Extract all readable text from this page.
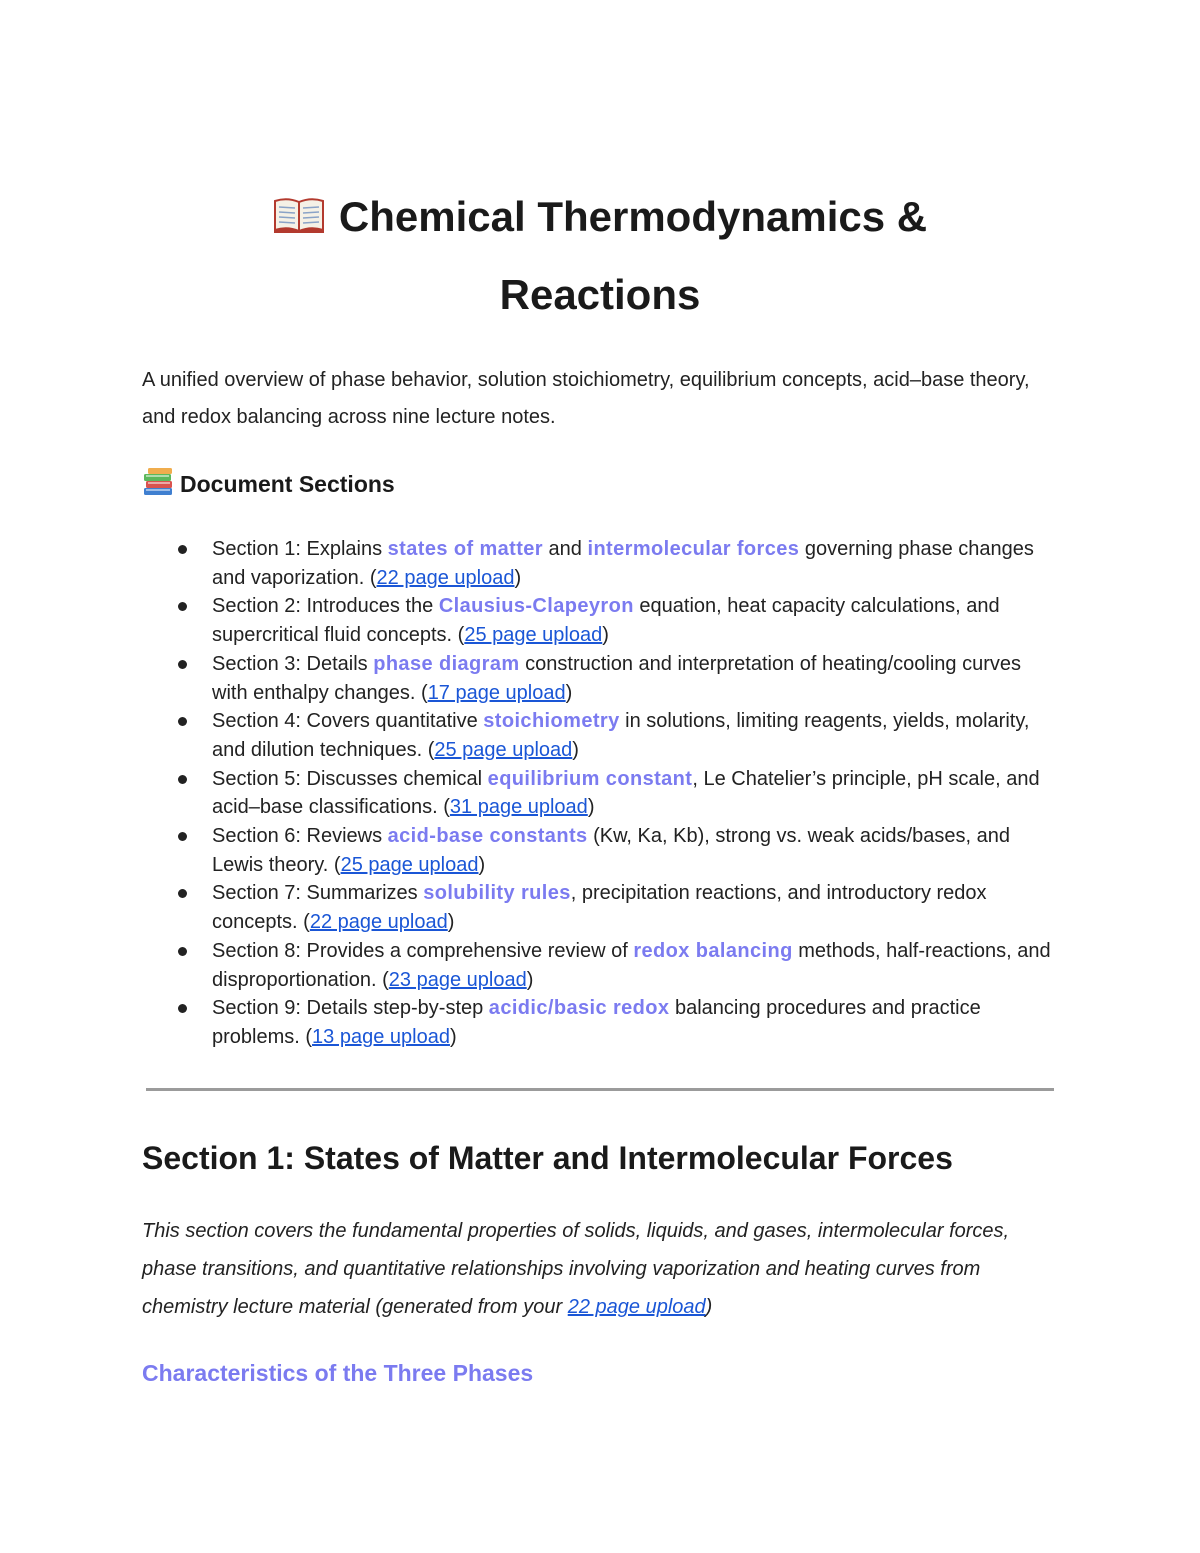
Chemical Thermodynamics &
Reactions

A unified overview of phase behavior, solution stoichiometry, equilibrium concepts, acid–base theory, and redox balancing across nine lecture notes.

Document Sections
Section 1: Explains states of matter and intermolecular forces governing phase changes and vaporization. (22 page upload)
Section 2: Introduces the Clausius-Clapeyron equation, heat capacity calculations, and supercritical fluid concepts. (25 page upload)
Section 3: Details phase diagram construction and interpretation of heating/cooling curves with enthalpy changes. (17 page upload)
Section 4: Covers quantitative stoichiometry in solutions, limiting reagents, yields, molarity, and dilution techniques. (25 page upload)
Section 5: Discusses chemical equilibrium constant, Le Chatelier’s principle, pH scale, and acid–base classifications. (31 page upload)
Section 6: Reviews acid-base constants (Kw, Ka, Kb), strong vs. weak acids/bases, and Lewis theory. (25 page upload)
Section 7: Summarizes solubility rules, precipitation reactions, and introductory redox concepts. (22 page upload)
Section 8: Provides a comprehensive review of redox balancing methods, half-reactions, and disproportionation. (23 page upload)
Section 9: Details step-by-step acidic/basic redox balancing procedures and practice problems. (13 page upload)
Section 1: States of Matter and Intermolecular Forces

This section covers the fundamental properties of solids, liquids, and gases, intermolecular forces, phase transitions, and quantitative relationships involving vaporization and heating curves from chemistry lecture material (generated from your 22 page upload)

Characteristics of the Three Phases
